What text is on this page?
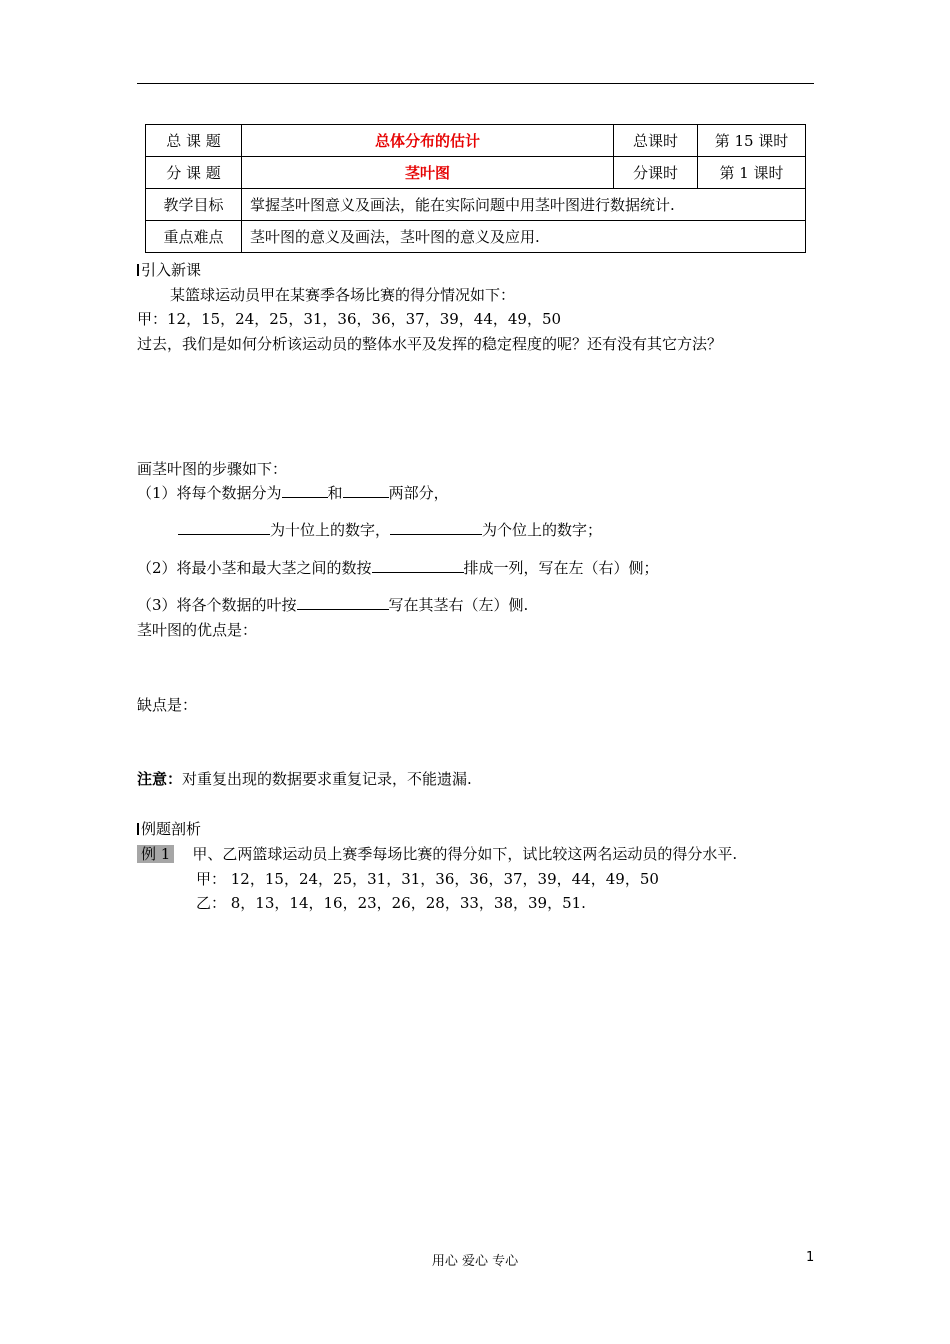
总 课 题	总体分布的估计	总课时	第 15 课时
分 课 题	茎叶图	分课时	第 1 课时
教学目标	掌握茎叶图意义及画法，能在实际问题中用茎叶图进行数据统计.		
重点难点	茎叶图的意义及画法，茎叶图的意义及应用.		
引入新课
某篮球运动员甲在某赛季各场比赛的得分情况如下：
甲：12，15，24，25，31，36，36，37，39，44，49，50
过去，我们是如何分析该运动员的整体水平及发挥的稳定程度的呢？还有没有其它方法？
画茎叶图的步骤如下：
（1）将每个数据分为	和	两部分，
为十位上的数字，	为个位上的数字；
（2）将最小茎和最大茎之间的数按	排成一列，写在左（右）侧；
（3）将各个数据的叶按	写在其茎右（左）侧.
茎叶图的优点是：
缺点是：
注意：对重复出现的数据要求重复记录，不能遗漏.
例题剖析
例 1 甲、乙两篮球运动员上赛季每场比赛的得分如下，试比较这两名运动员的得分水平.
甲： 12，15，24，25，31，31，36，36，37，39，44，49，50
乙： 8，13，14，16，23，26，28，33，38，39，51.
用心 爱心 专心	1
